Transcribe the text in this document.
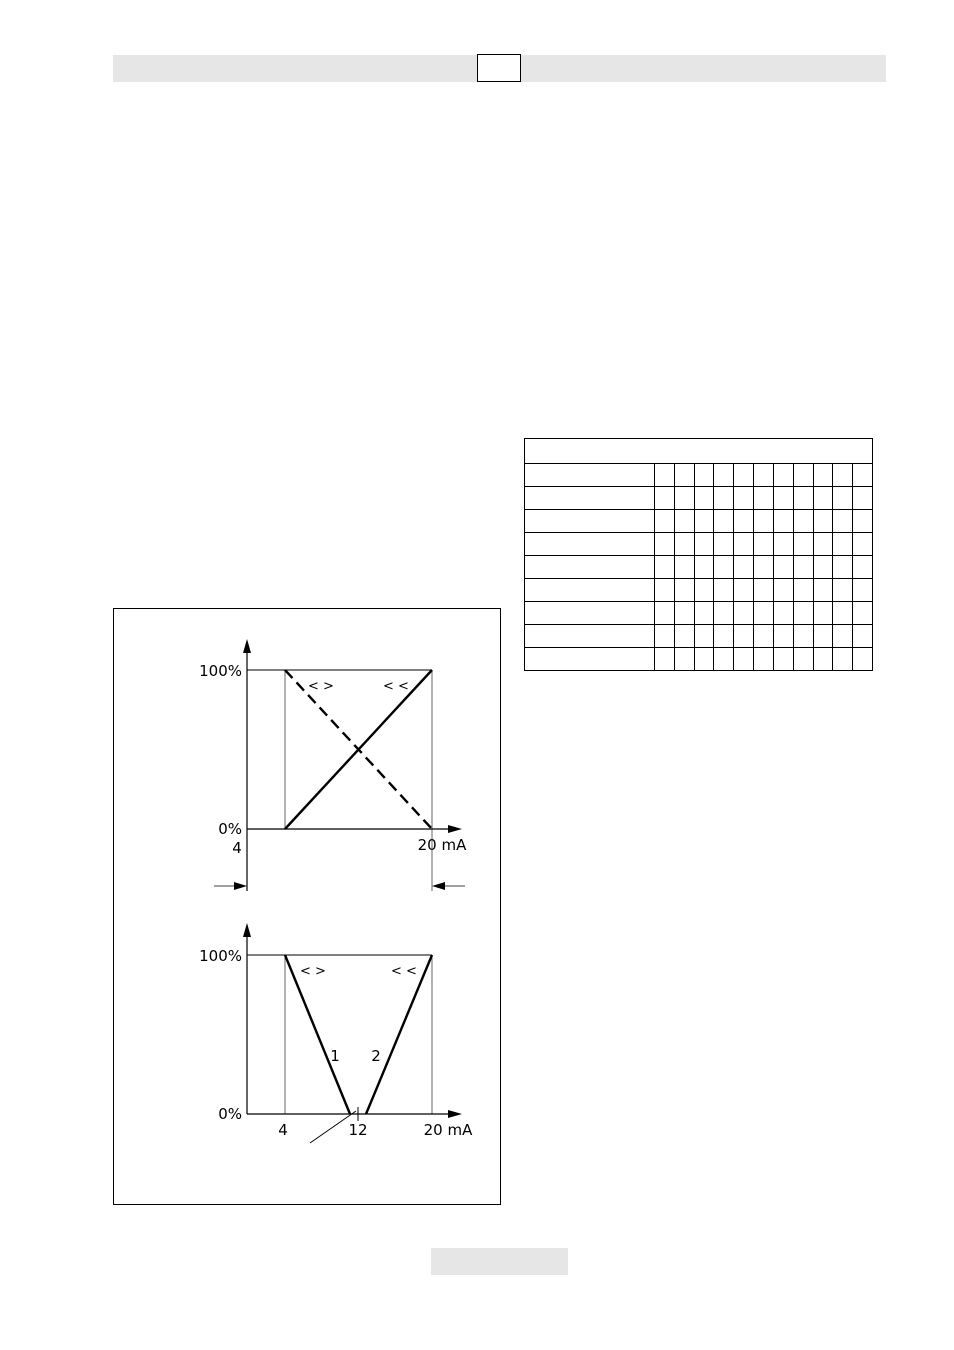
100%
0%
4	20 mA
< >	< <
100%
0%
4	12	20 mA
< >	< <
1 2
